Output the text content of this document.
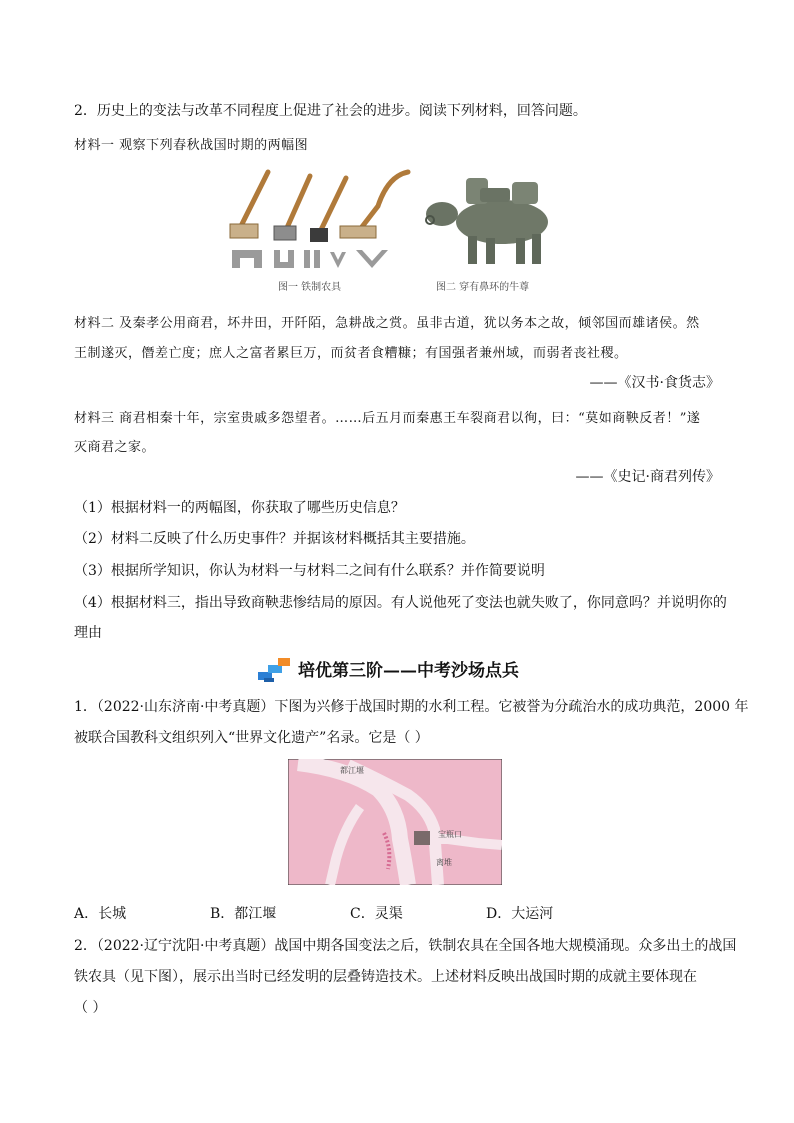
2．历史上的变法与改革不同程度上促进了社会的进步。阅读下列材料，回答问题。
材料一 观察下列春秋战国时期的两幅图
图一 铁制农具	图二 穿有鼻环的牛尊
材料二 及秦孝公用商君，坏井田，开阡陌，急耕战之赏。虽非古道，犹以务本之故，倾邻国而雄诸侯。然
王制遂灭，僭差亡度；庶人之富者累巨万，而贫者食糟糠；有国强者兼州域，而弱者丧社稷。
——《汉书·食货志》
材料三 商君相秦十年，宗室贵戚多怨望者。……后五月而秦惠王车裂商君以徇，曰：“莫如商鞅反者！”遂
灭商君之家。
——《史记·商君列传》
（1）根据材料一的两幅图，你获取了哪些历史信息？
（2）材料二反映了什么历史事件？并据该材料概括其主要措施。
（3）根据所学知识，你认为材料一与材料二之间有什么联系？并作简要说明
（4）根据材料三，指出导致商鞅悲惨结局的原因。有人说他死了变法也就失败了，你同意吗？并说明你的
理由
培优第三阶——中考沙场点兵
1．（2022·山东济南·中考真题）下图为兴修于战国时期的水利工程。它被誉为分疏治水的成功典范，2000 年
被联合国教科文组织列入“世界文化遗产”名录。它是（ ）
都江堰
宝瓶口
离堆
A．长城	B．都江堰	C．灵渠	D．大运河
2．（2022·辽宁沈阳·中考真题）战国中期各国变法之后，铁制农具在全国各地大规模涌现。众多出土的战国
铁农具（见下图），展示出当时已经发明的层叠铸造技术。上述材料反映出战国时期的成就主要体现在
（ ）
